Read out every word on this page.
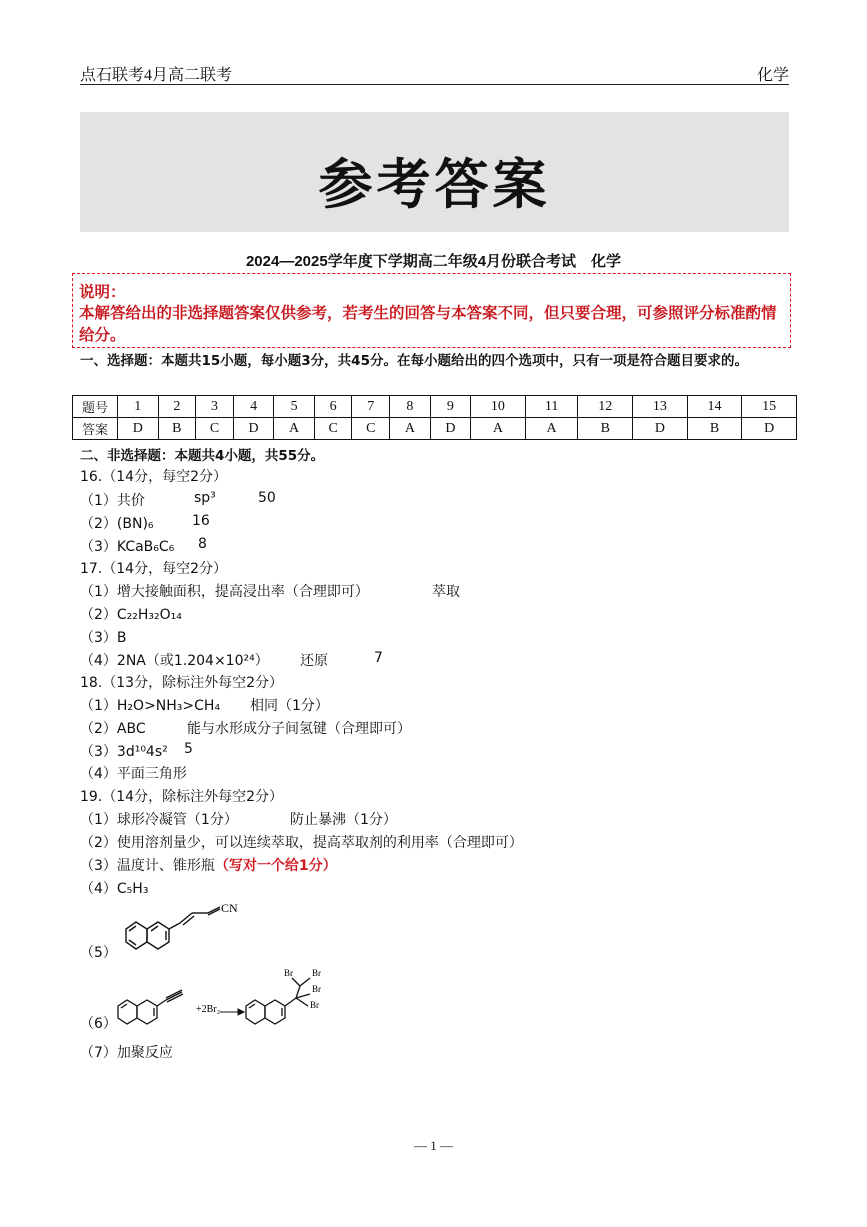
点石联考4月高二联考	化学
参考答案
2024—2025学年度下学期高二年级4月份联合考试　化学
说明：
本解答给出的非选择题答案仅供参考，若考生的回答与本答案不同，但只要合理，可参照评分标准酌情给分。
一、选择题：本题共15小题，每小题3分，共45分。在每小题给出的四个选项中，只有一项是符合题目要求的。
题号	1	2	3	4	5	6	7	8	9	10	11	12	13	14	15
答案	D	B	C	D	A	C	C	A	D	A	A	B	D	B	D
二、非选择题：本题共4小题，共55分。
16.（14分，每空2分）
（1）共价	sp³	50
（2）(BN)₆	16
（3）KCaB₆C₆ 8
17.（14分，每空2分）
（1）增大接触面积，提高浸出率（合理即可）	萃取
（2）C₂₂H₃₂O₁₄
（3）B
（4）2NA（或1.204×10²⁴） 还原	7
18.（13分，除标注外每空2分）
（1）H₂O>NH₃>CH₄ 相同（1分）
（2）ABC	能与水形成分子间氢键（合理即可）
（3）3d¹⁰4s² 5
（4）平面三角形
19.（14分，除标注外每空2分）
（1）球形冷凝管（1分）	防止暴沸（1分）
（2）使用溶剂量少，可以连续萃取，提高萃取剂的利用率（合理即可）
（3）温度计、锥形瓶（写对一个给1分）
（4）C₅H₃
（5）
CN
（6）
+2Br₂
Br Br
Br
Br
（7）加聚反应
— 1 —
